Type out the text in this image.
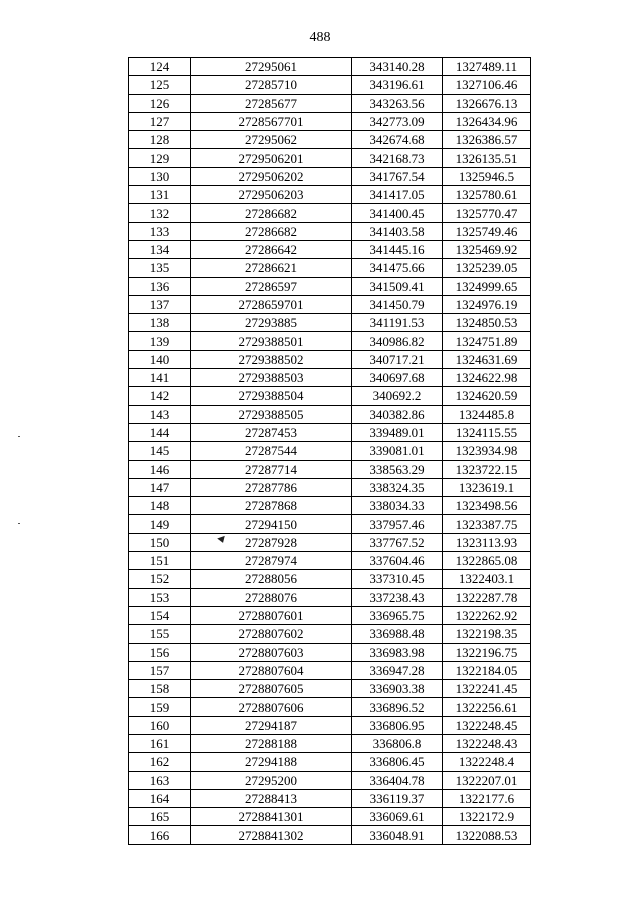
488
124	27295061	343140.28	1327489.11
125	27285710	343196.61	1327106.46
126	27285677	343263.56	1326676.13
127	2728567701	342773.09	1326434.96
128	27295062	342674.68	1326386.57
129	2729506201	342168.73	1326135.51
130	2729506202	341767.54	1325946.5
131	2729506203	341417.05	1325780.61
132	27286682	341400.45	1325770.47
133	27286682	341403.58	1325749.46
134	27286642	341445.16	1325469.92
135	27286621	341475.66	1325239.05
136	27286597	341509.41	1324999.65
137	2728659701	341450.79	1324976.19
138	27293885	341191.53	1324850.53
139	2729388501	340986.82	1324751.89
140	2729388502	340717.21	1324631.69
141	2729388503	340697.68	1324622.98
142	2729388504	340692.2	1324620.59
143	2729388505	340382.86	1324485.8
144	27287453	339489.01	1324115.55
145	27287544	339081.01	1323934.98
146	27287714	338563.29	1323722.15
147	27287786	338324.35	1323619.1
148	27287868	338034.33	1323498.56
149	27294150	337957.46	1323387.75
150	27287928	337767.52	1323113.93
151	27287974	337604.46	1322865.08
152	27288056	337310.45	1322403.1
153	27288076	337238.43	1322287.78
154	2728807601	336965.75	1322262.92
155	2728807602	336988.48	1322198.35
156	2728807603	336983.98	1322196.75
157	2728807604	336947.28	1322184.05
158	2728807605	336903.38	1322241.45
159	2728807606	336896.52	1322256.61
160	27294187	336806.95	1322248.45
161	27288188	336806.8	1322248.43
162	27294188	336806.45	1322248.4
163	27295200	336404.78	1322207.01
164	27288413	336119.37	1322177.6
165	2728841301	336069.61	1322172.9
166	2728841302	336048.91	1322088.53
